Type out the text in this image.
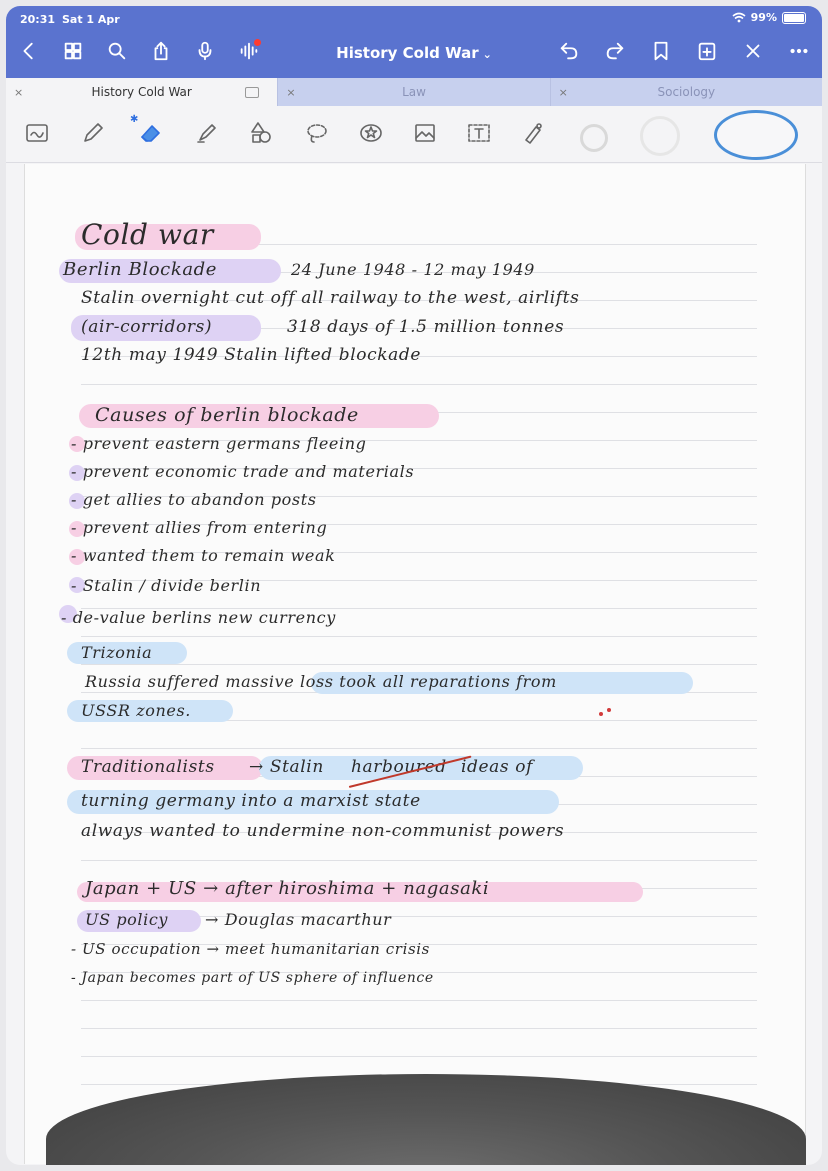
20:31 Sat 1 Apr	99%
History Cold War ⌄
×	History Cold War	×	Law	×	Sociology
✱
Cold war
Berlin Blockade	24 June 1948 - 12 may 1949
Stalin overnight cut off all railway to the west, airlifts
(air-corridors)	318 days of 1.5 million tonnes
12th may 1949 Stalin lifted blockade
Causes of berlin blockade
- prevent eastern germans fleeing
- prevent economic trade and materials
- get allies to abandon posts
- prevent allies from entering
- wanted them to remain weak
- Stalin / divide berlin
- de-value berlins new currency
Trizonia
Russia suffered massive loss took all reparations from
USSR zones.
Traditionalists → Stalin harboured ideas of
turning germany into a marxist state
always wanted to undermine non-communist powers
Japan + US → after hiroshima + nagasaki
US policy → Douglas macarthur
- US occupation → meet humanitarian crisis
- Japan becomes part of US sphere of influence
